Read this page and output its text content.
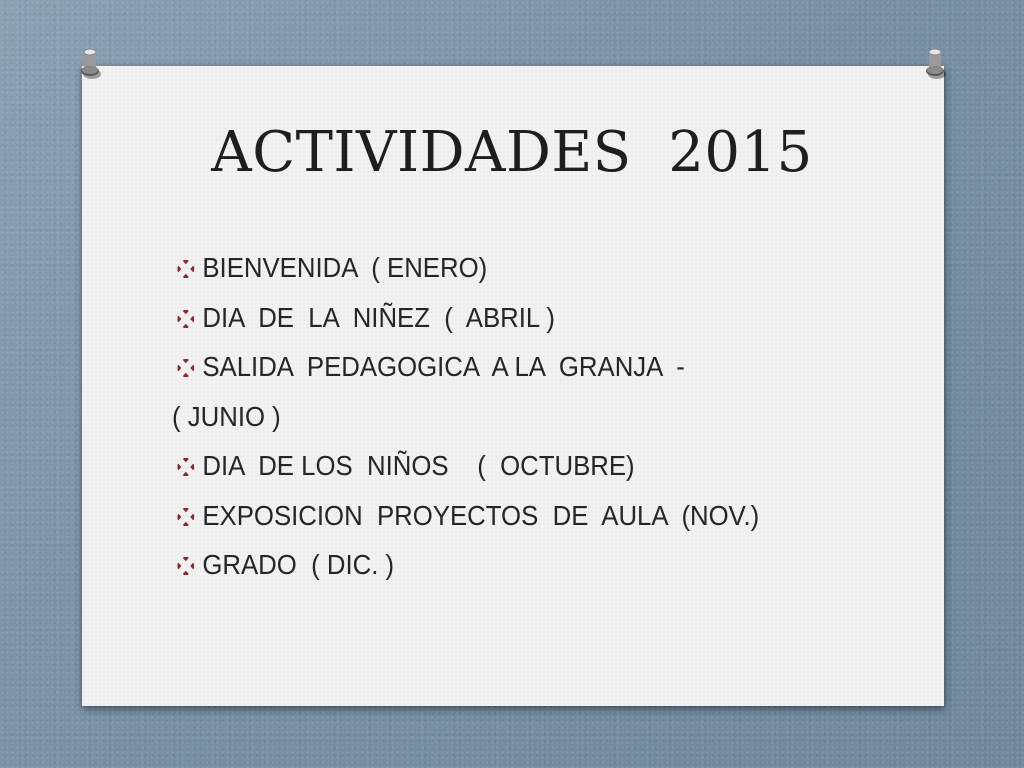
ACTIVIDADES  2015
BIENVENIDA  ( ENERO)
DIA  DE  LA  NIÑEZ  (  ABRIL )
SALIDA  PEDAGOGICA  A LA  GRANJA  -
( JUNIO )
DIA  DE LOS  NIÑOS    (  OCTUBRE)
EXPOSICION  PROYECTOS  DE  AULA  (NOV.)
GRADO  ( DIC. )
